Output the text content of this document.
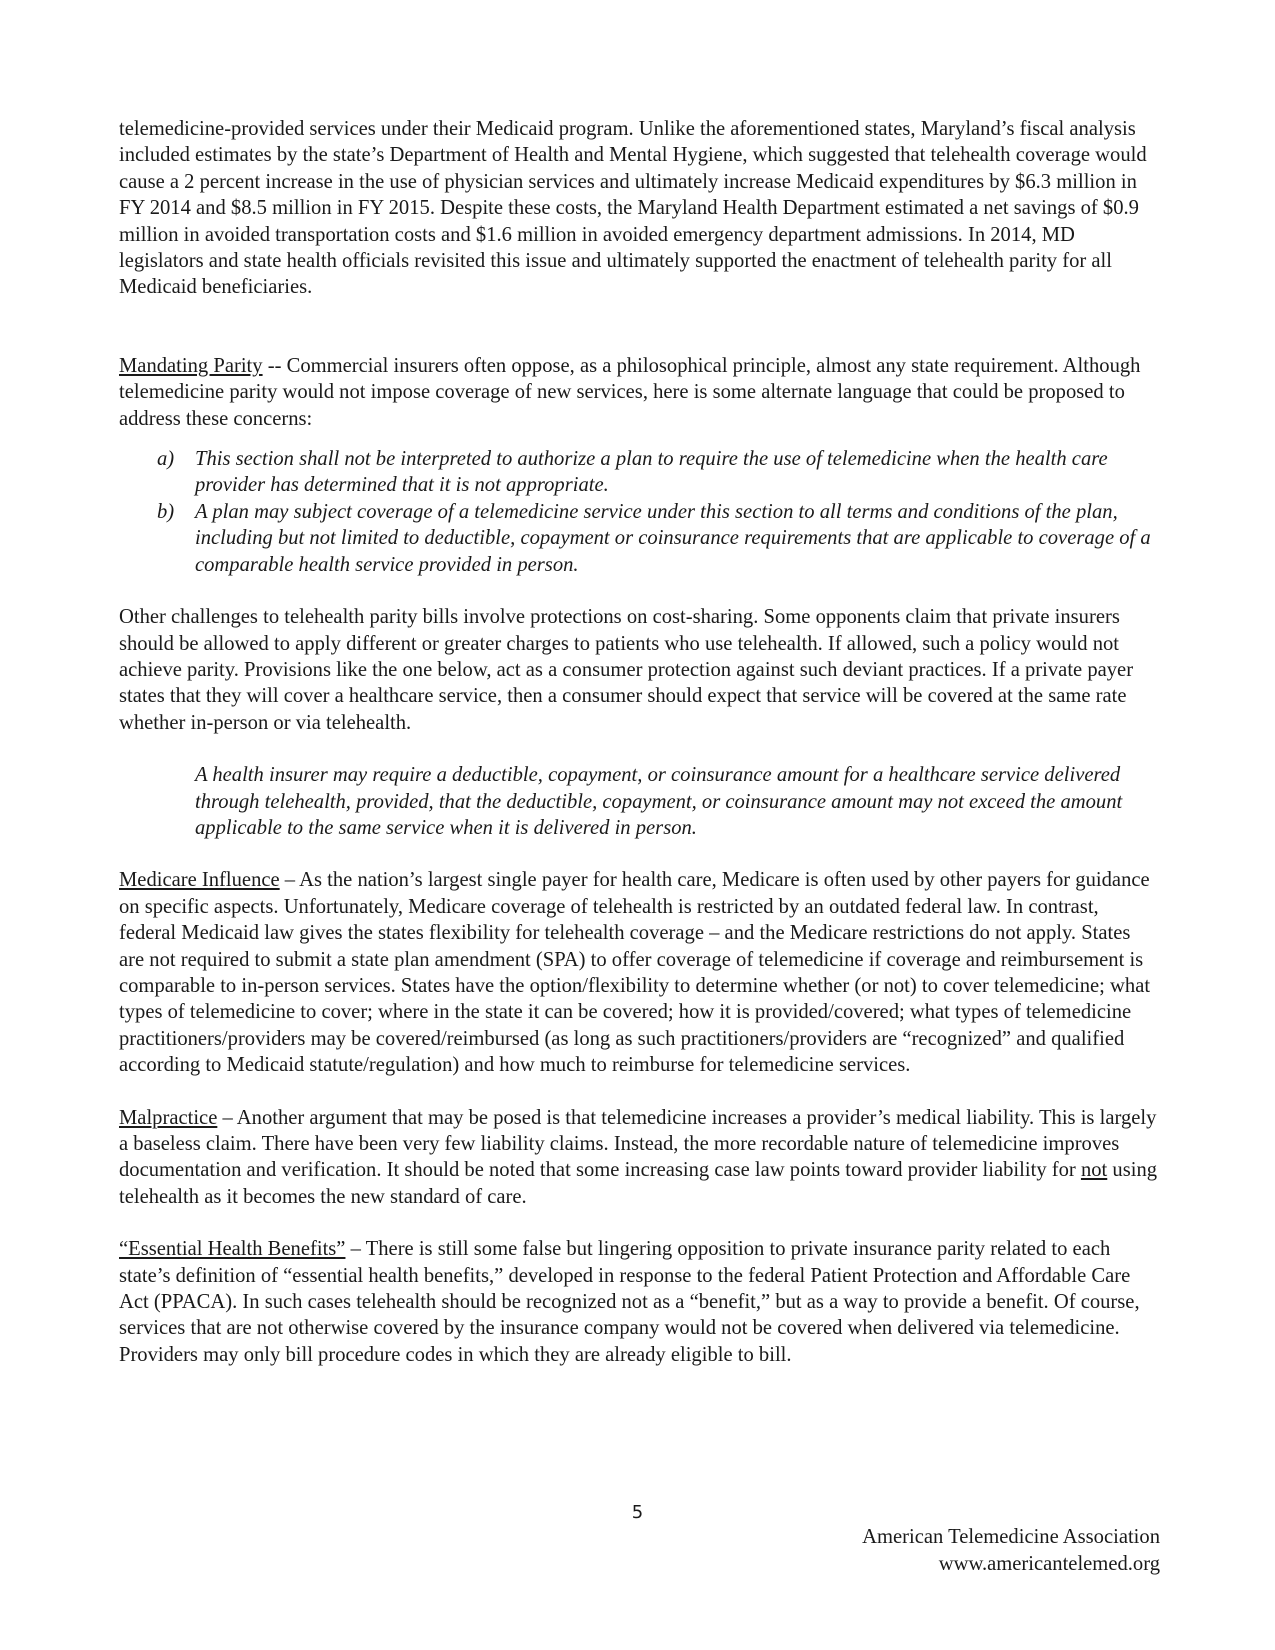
telemedicine-provided services under their Medicaid program. Unlike the aforementioned states, Maryland’s fiscal analysis included estimates by the state’s Department of Health and Mental Hygiene, which suggested that telehealth coverage would cause a 2 percent increase in the use of physician services and ultimately increase Medicaid expenditures by $6.3 million in FY 2014 and $8.5 million in FY 2015. Despite these costs, the Maryland Health Department estimated a net savings of $0.9 million in avoided transportation costs and $1.6 million in avoided emergency department admissions. In 2014, MD legislators and state health officials revisited this issue and ultimately supported the enactment of telehealth parity for all Medicaid beneficiaries.

Mandating Parity -- Commercial insurers often oppose, as a philosophical principle, almost any state requirement. Although telemedicine parity would not impose coverage of new services, here is some alternate language that could be proposed to address these concerns:

a) This section shall not be interpreted to authorize a plan to require the use of telemedicine when the health care provider has determined that it is not appropriate.
b) A plan may subject coverage of a telemedicine service under this section to all terms and conditions of the plan, including but not limited to deductible, copayment or coinsurance requirements that are applicable to coverage of a comparable health service provided in person.

Other challenges to telehealth parity bills involve protections on cost-sharing. Some opponents claim that private insurers should be allowed to apply different or greater charges to patients who use telehealth. If allowed, such a policy would not achieve parity. Provisions like the one below, act as a consumer protection against such deviant practices. If a private payer states that they will cover a healthcare service, then a consumer should expect that service will be covered at the same rate whether in-person or via telehealth.

A health insurer may require a deductible, copayment, or coinsurance amount for a healthcare service delivered through telehealth, provided, that the deductible, copayment, or coinsurance amount may not exceed the amount applicable to the same service when it is delivered in person.

Medicare Influence – As the nation’s largest single payer for health care, Medicare is often used by other payers for guidance on specific aspects. Unfortunately, Medicare coverage of telehealth is restricted by an outdated federal law. In contrast, federal Medicaid law gives the states flexibility for telehealth coverage – and the Medicare restrictions do not apply. States are not required to submit a state plan amendment (SPA) to offer coverage of telemedicine if coverage and reimbursement is comparable to in-person services. States have the option/flexibility to determine whether (or not) to cover telemedicine; what types of telemedicine to cover; where in the state it can be covered; how it is provided/covered; what types of telemedicine practitioners/providers may be covered/reimbursed (as long as such practitioners/providers are “recognized” and qualified according to Medicaid statute/regulation) and how much to reimburse for telemedicine services.

Malpractice – Another argument that may be posed is that telemedicine increases a provider’s medical liability. This is largely a baseless claim. There have been very few liability claims. Instead, the more recordable nature of telemedicine improves documentation and verification. It should be noted that some increasing case law points toward provider liability for not using telehealth as it becomes the new standard of care.

“Essential Health Benefits” – There is still some false but lingering opposition to private insurance parity related to each state’s definition of “essential health benefits,” developed in response to the federal Patient Protection and Affordable Care Act (PPACA). In such cases telehealth should be recognized not as a “benefit,” but as a way to provide a benefit. Of course, services that are not otherwise covered by the insurance company would not be covered when delivered via telemedicine. Providers may only bill procedure codes in which they are already eligible to bill.

5
American Telemedicine Association
www.americantelemed.org
